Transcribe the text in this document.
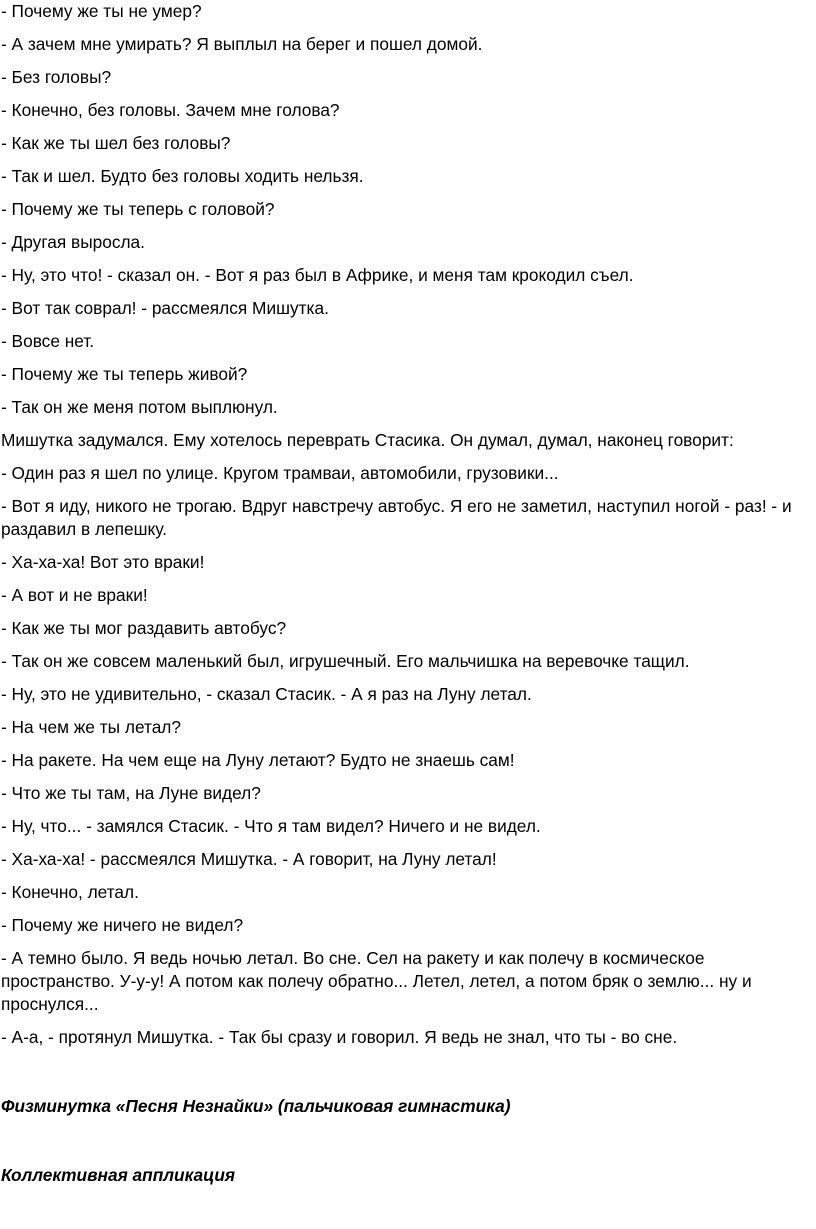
- Почему же ты не умер?

- А зачем мне умирать? Я выплыл на берег и пошел домой.

- Без головы?

- Конечно, без головы. Зачем мне голова?

- Как же ты шел без головы?

- Так и шел. Будто без головы ходить нельзя.

- Почему же ты теперь с головой?

- Другая выросла.

- Ну, это что! - сказал он. - Вот я раз был в Африке, и меня там крокодил съел.

- Вот так соврал! - рассмеялся Мишутка.

- Вовсе нет.

- Почему же ты теперь живой?

- Так он же меня потом выплюнул.

Мишутка задумался. Ему хотелось переврать Стасика. Он думал, думал, наконец говорит:

- Один раз я шел по улице. Кругом трамваи, автомобили, грузовики...

- Вот я иду, никого не трогаю. Вдруг навстречу автобус. Я его не заметил, наступил ногой - раз! - и раздавил в лепешку.

- Ха-ха-ха! Вот это враки!

- А вот и не враки!

- Как же ты мог раздавить автобус?

- Так он же совсем маленький был, игрушечный. Его мальчишка на веревочке тащил.

- Ну, это не удивительно, - сказал Стасик. - А я раз на Луну летал.

- На чем же ты летал?

- На ракете. На чем еще на Луну летают? Будто не знаешь сам!

- Что же ты там, на Луне видел?

- Ну, что... - замялся Стасик. - Что я там видел? Ничего и не видел.

- Ха-ха-ха! - рассмеялся Мишутка. - А говорит, на Луну летал!

- Конечно, летал.

- Почему же ничего не видел?

- А темно было. Я ведь ночью летал. Во сне. Сел на ракету и как полечу в космическое пространство. У-у-у! А потом как полечу обратно... Летел, летел, а потом бряк о землю... ну и проснулся...

- А-а, - протянул Мишутка. - Так бы сразу и говорил. Я ведь не знал, что ты - во сне.

Физминутка «Песня Незнайки» (пальчиковая гимнастика)

Коллективная аппликация
